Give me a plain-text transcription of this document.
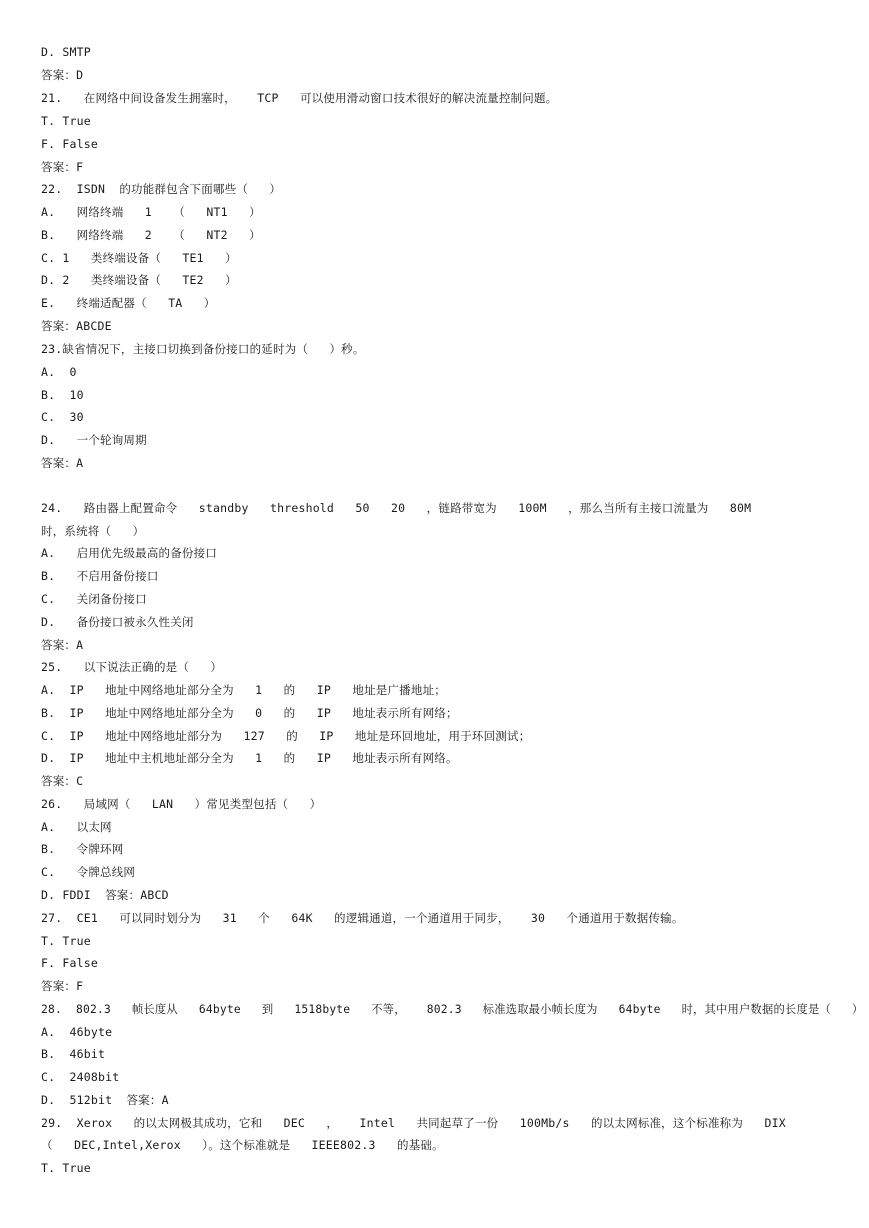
D. SMTP
答案：D
21.   在网络中间设备发生拥塞时，   TCP   可以使用滑动窗口技术很好的解决流量控制问题。
T. True
F. False
答案：F
22.  ISDN  的功能群包含下面哪些（   ）
A.   网络终端   1   （   NT1   ）
B.   网络终端   2   （   NT2   ）
C. 1   类终端设备（   TE1   ）
D. 2   类终端设备（   TE2   ）
E.   终端适配器（   TA   ）
答案：ABCDE
23.缺省情况下，主接口切换到备份接口的延时为（   ）秒。
A.  0
B.  10
C.  30
D.   一个轮询周期
答案：A
24.   路由器上配置命令   standby   threshold   50   20   ，链路带宽为   100M   ，那么当所有主接口流量为   80M
时，系统将（   ）
A.   启用优先级最高的备份接口
B.   不启用备份接口
C.   关闭备份接口
D.   备份接口被永久性关闭
答案：A
25.   以下说法正确的是（   ）
A.  IP   地址中网络地址部分全为   1   的   IP   地址是广播地址；
B.  IP   地址中网络地址部分全为   0   的   IP   地址表示所有网络；
C.  IP   地址中网络地址部分为   127   的   IP   地址是环回地址，用于环回测试；
D.  IP   地址中主机地址部分全为   1   的   IP   地址表示所有网络。
答案：C
26.   局域网（   LAN   ）常见类型包括（   ）
A.   以太网
B.   令牌环网
C.   令牌总线网
D. FDDI  答案：ABCD
27.  CE1   可以同时划分为   31   个   64K   的逻辑通道，一个通道用于同步，   30   个通道用于数据传输。
T. True
F. False
答案：F
28.  802.3   帧长度从   64byte   到   1518byte   不等，   802.3   标准选取最小帧长度为   64byte   时，其中用户数据的长度是（   ）
A.  46byte
B.  46bit
C.  2408bit
D.  512bit  答案：A
29.  Xerox   的以太网极其成功，它和   DEC   ，   Intel   共同起草了一份   100Mb/s   的以太网标准，这个标准称为   DIX
（   DEC,Intel,Xerox   ）。这个标准就是   IEEE802.3   的基础。
T. True
